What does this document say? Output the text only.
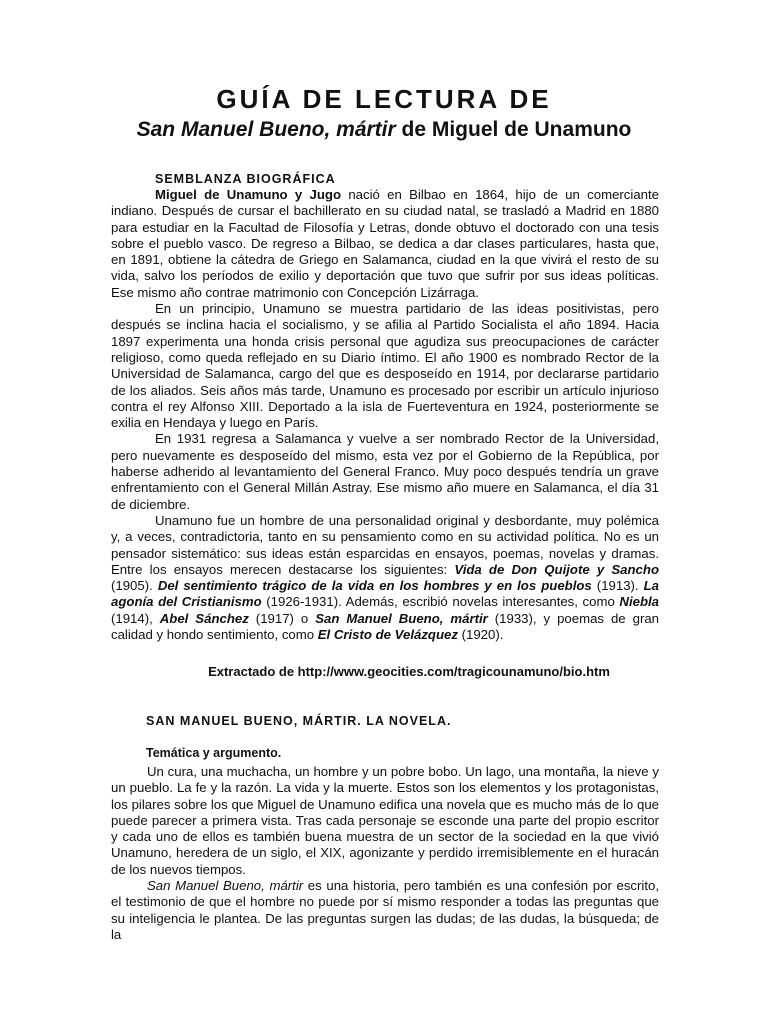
GUÍA DE LECTURA DE
San Manuel Bueno, mártir de Miguel de Unamuno
SEMBLANZA BIOGRÁFICA

Miguel de Unamuno y Jugo nació en Bilbao en 1864, hijo de un comerciante indiano. Después de cursar el bachillerato en su ciudad natal, se trasladó a Madrid en 1880 para estudiar en la Facultad de Filosofía y Letras, donde obtuvo el doctorado con una tesis sobre el pueblo vasco. De regreso a Bilbao, se dedica a dar clases particulares, hasta que, en 1891, obtiene la cátedra de Griego en Salamanca, ciudad en la que vivirá el resto de su vida, salvo los períodos de exilio y deportación que tuvo que sufrir por sus ideas políticas. Ese mismo año contrae matrimonio con Concepción Lizárraga.

En un principio, Unamuno se muestra partidario de las ideas positivistas, pero después se inclina hacia el socialismo, y se afilia al Partido Socialista el año 1894. Hacia 1897 experimenta una honda crisis personal que agudiza sus preocupaciones de carácter religioso, como queda reflejado en su Diario íntimo. El año 1900 es nombrado Rector de la Universidad de Salamanca, cargo del que es desposeído en 1914, por declararse partidario de los aliados. Seis años más tarde, Unamuno es procesado por escribir un artículo injurioso contra el rey Alfonso XIII. Deportado a la isla de Fuerteventura en 1924, posteriormente se exilia en Hendaya y luego en París.

En 1931 regresa a Salamanca y vuelve a ser nombrado Rector de la Universidad, pero nuevamente es desposeído del mismo, esta vez por el Gobierno de la República, por haberse adherido al levantamiento del General Franco. Muy poco después tendría un grave enfrentamiento con el General Millán Astray. Ese mismo año muere en Salamanca, el día 31 de diciembre.

Unamuno fue un hombre de una personalidad original y desbordante, muy polémica y, a veces, contradictoria, tanto en su pensamiento como en su actividad política. No es un pensador sistemático: sus ideas están esparcidas en ensayos, poemas, novelas y dramas. Entre los ensayos merecen destacarse los siguientes: Vida de Don Quijote y Sancho (1905). Del sentimiento trágico de la vida en los hombres y en los pueblos (1913). La agonía del Cristianismo (1926-1931). Además, escribió novelas interesantes, como Niebla (1914), Abel Sánchez (1917) o San Manuel Bueno, mártir (1933), y poemas de gran calidad y hondo sentimiento, como El Cristo de Velázquez (1920).

Extractado de http://www.geocities.com/tragicounamuno/bio.htm
SAN MANUEL BUENO, MÁRTIR. LA NOVELA.
Temática y argumento.

Un cura, una muchacha, un hombre y un pobre bobo. Un lago, una montaña, la nieve y un pueblo. La fe y la razón. La vida y la muerte. Estos son los elementos y los protagonistas, los pilares sobre los que Miguel de Unamuno edifica una novela que es mucho más de lo que puede parecer a primera vista. Tras cada personaje se esconde una parte del propio escritor y cada uno de ellos es también buena muestra de un sector de la sociedad en la que vivió Unamuno, heredera de un siglo, el XIX, agonizante y perdido irremisiblemente en el huracán de los nuevos tiempos.

San Manuel Bueno, mártir es una historia, pero también es una confesión por escrito, el testimonio de que el hombre no puede por sí mismo responder a todas las preguntas que su inteligencia le plantea. De las preguntas surgen las dudas; de las dudas, la búsqueda; de la
